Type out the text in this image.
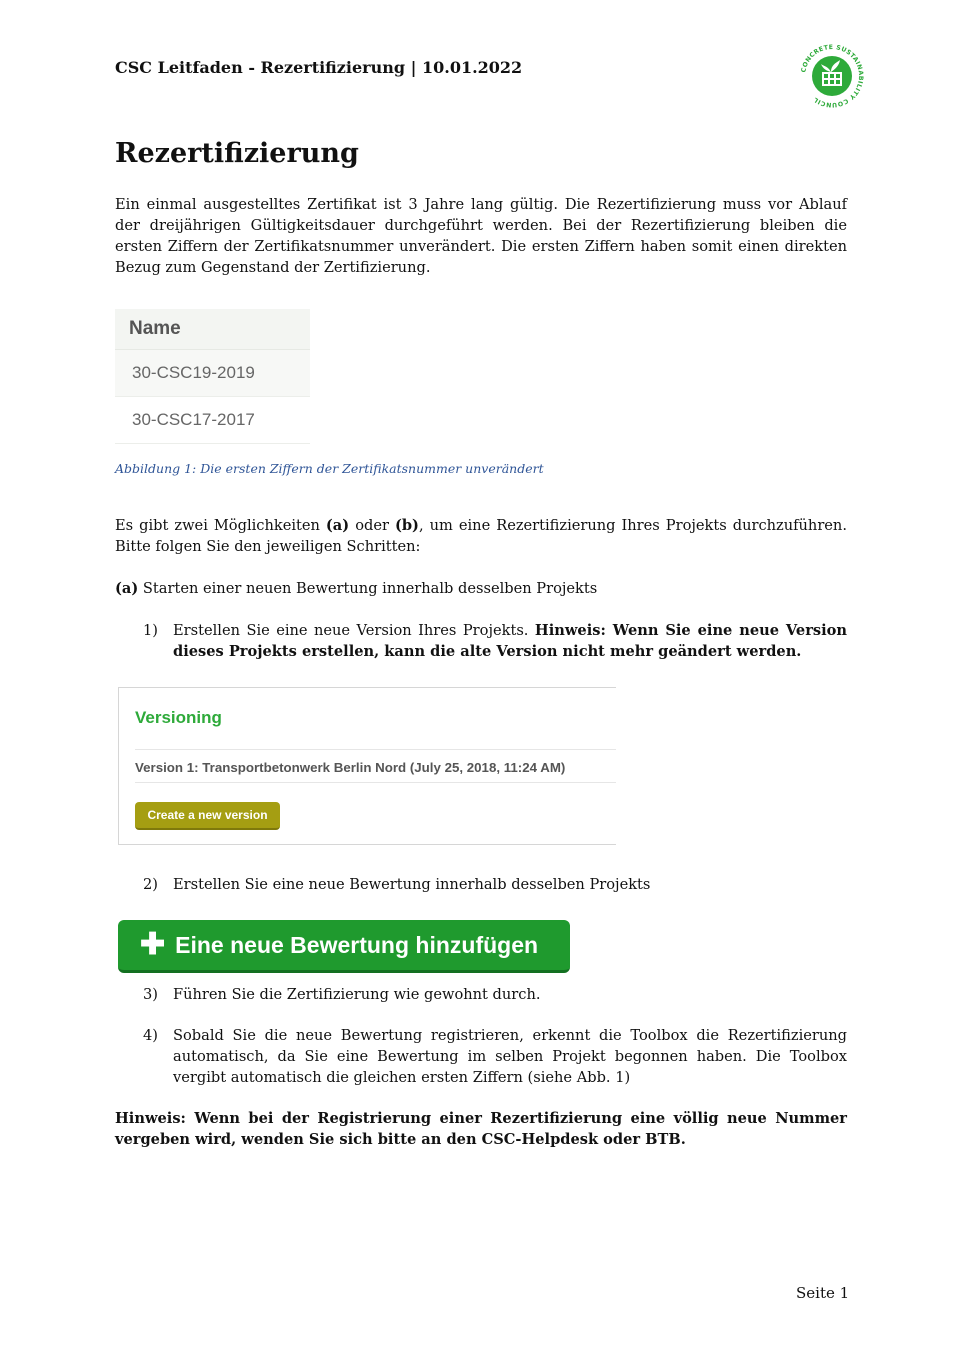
CSC Leitfaden - Rezertifizierung | 10.01.2022	CONCRETE SUSTAINABILITY COUNCIL
Rezertifizierung

Ein einmal ausgestelltes Zertifikat ist 3 Jahre lang gültig. Die Rezertifizierung muss vor Ablauf der dreijährigen Gültigkeitsdauer durchgeführt werden. Bei der Rezertifizierung bleiben die ersten Ziffern der Zertifikatsnummer unverändert. Die ersten Ziffern haben somit einen direkten Bezug zum Gegenstand der Zertifizierung.

Name
30-CSC19-2019
30-CSC17-2017
Abbildung 1: Die ersten Ziffern der Zertifikatsnummer unverändert

Es gibt zwei Möglichkeiten (a) oder (b), um eine Rezertifizierung Ihres Projekts durchzuführen. Bitte folgen Sie den jeweiligen Schritten:

(a) Starten einer neuen Bewertung innerhalb desselben Projekts

1) Erstellen Sie eine neue Version Ihres Projekts. Hinweis: Wenn Sie eine neue Version dieses Projekts erstellen, kann die alte Version nicht mehr geändert werden.
Versioning
Version 1: Transportbetonwerk Berlin Nord (July 25, 2018, 11:24 AM)
Create a new version
2) Erstellen Sie eine neue Bewertung innerhalb desselben Projekts
✚ Eine neue Bewertung hinzufügen
3) Führen Sie die Zertifizierung wie gewohnt durch.
4) Sobald Sie die neue Bewertung registrieren, erkennt die Toolbox die Rezertifizierung automatisch, da Sie eine Bewertung im selben Projekt begonnen haben. Die Toolbox vergibt automatisch die gleichen ersten Ziffern (siehe Abb. 1)

Hinweis: Wenn bei der Registrierung einer Rezertifizierung eine völlig neue Nummer vergeben wird, wenden Sie sich bitte an den CSC-Helpdesk oder BTB.

Seite 1
